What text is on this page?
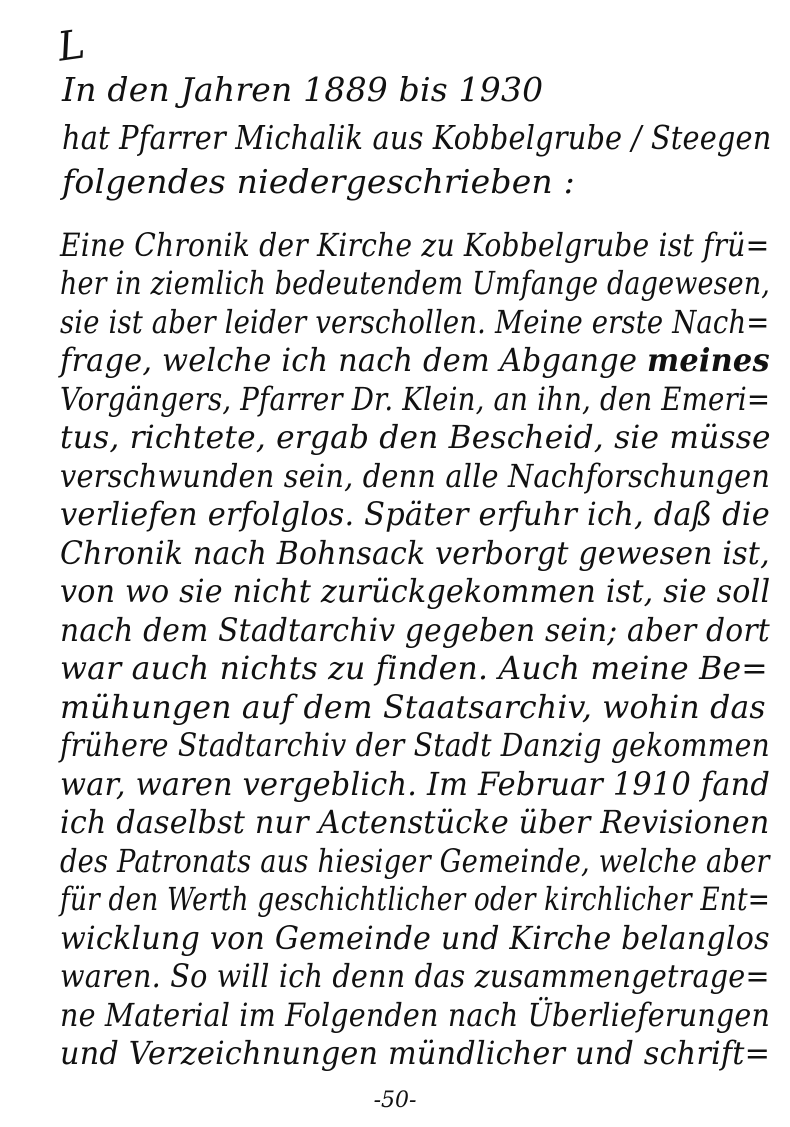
L
In den Jahren 1889 bis 1930
hat Pfarrer Michalik aus Kobbelgrube / Steegen
folgendes niedergeschrieben :
Eine Chronik der Kirche zu Kobbelgrube ist frü=
her in ziemlich bedeutendem Umfange dagewesen,
sie ist aber leider verschollen. Meine erste Nach=
frage, welche ich nach dem Abgange meines
Vorgängers, Pfarrer Dr. Klein, an ihn, den Emeri=
tus, richtete, ergab den Bescheid, sie müsse
verschwunden sein, denn alle Nachforschungen
verliefen erfolglos. Später erfuhr ich, daß die
Chronik nach Bohnsack verborgt gewesen ist,
von wo sie nicht zurückgekommen ist, sie soll
nach dem Stadtarchiv gegeben sein; aber dort
war auch nichts zu finden. Auch meine Be=
mühungen auf dem Staatsarchiv, wohin das
frühere Stadtarchiv der Stadt Danzig gekommen
war, waren vergeblich. Im Februar 1910 fand
ich daselbst nur Actenstücke über Revisionen
des Patronats aus hiesiger Gemeinde, welche aber
für den Werth geschichtlicher oder kirchlicher Ent=
wicklung von Gemeinde und Kirche belanglos
waren. So will ich denn das zusammengetrage=
-50-
ne Material im Folgenden nach Überlieferungen
und Verzeichnungen mündlicher und schrift=
